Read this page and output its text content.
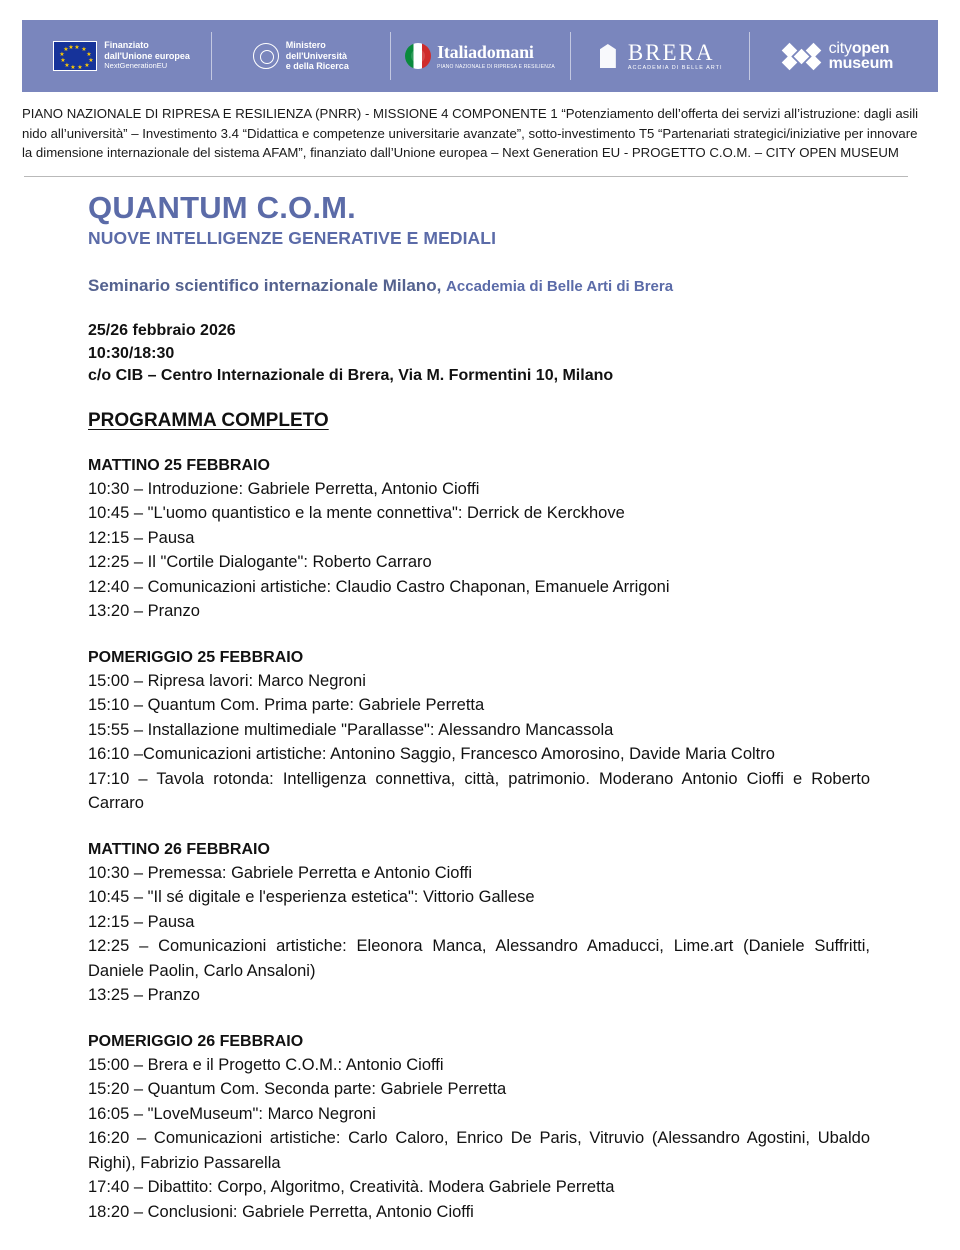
★ ★
★
★
★
★
★
★
★
★
★ ★	Finanziato
dall'Unione europea
NextGenerationEU
Ministero
dell'Università
e della Ricerca
Italiadomani
PIANO NAZIONALE DI RIPRESA E RESILIENZA
BRERA
ACCADEMIA DI BELLE ARTI
cityopen
museum
PIANO NAZIONALE DI RIPRESA E RESILIENZA (PNRR) - MISSIONE 4 COMPONENTE 1 “Potenziamento dell’offerta dei servizi all’istruzione: dagli asili nido all’università” – Investimento 3.4 “Didattica e competenze universitarie avanzate”, sotto-investimento T5 “Partenariati strategici/iniziative per innovare la dimensione internazionale del sistema AFAM”, finanziato dall’Unione europea – Next Generation EU - PROGETTO C.O.M. – CITY OPEN MUSEUM
QUANTUM C.O.M.
NUOVE INTELLIGENZE GENERATIVE E MEDIALI
Seminario scientifico internazionale Milano, Accademia di Belle Arti di Brera
25/26 febbraio 2026
10:30/18:30
c/o CIB – Centro Internazionale di Brera, Via M. Formentini 10, Milano
PROGRAMMA COMPLETO
MATTINO 25 FEBBRAIO
10:30 – Introduzione: Gabriele Perretta, Antonio Cioffi
10:45 – "L'uomo quantistico e la mente connettiva": Derrick de Kerckhove
12:15 – Pausa
12:25 – Il "Cortile Dialogante": Roberto Carraro
12:40 – Comunicazioni artistiche: Claudio Castro Chaponan, Emanuele Arrigoni
13:20 – Pranzo
POMERIGGIO 25 FEBBRAIO
15:00 – Ripresa lavori: Marco Negroni
15:10 – Quantum Com. Prima parte: Gabriele Perretta
15:55 – Installazione multimediale "Parallasse": Alessandro Mancassola
16:10 –Comunicazioni artistiche: Antonino Saggio, Francesco Amorosino, Davide Maria Coltro
17:10 – Tavola rotonda: Intelligenza connettiva, città, patrimonio. Moderano Antonio Cioffi e Roberto Carraro
MATTINO 26 FEBBRAIO
10:30 – Premessa: Gabriele Perretta e Antonio Cioffi
10:45 – "Il sé digitale e l'esperienza estetica": Vittorio Gallese
12:15 – Pausa
12:25 – Comunicazioni artistiche: Eleonora Manca, Alessandro Amaducci, Lime.art (Daniele Suffritti, Daniele Paolin, Carlo Ansaloni)
13:25 – Pranzo
POMERIGGIO 26 FEBBRAIO
15:00 – Brera e il Progetto C.O.M.: Antonio Cioffi
15:20 – Quantum Com. Seconda parte: Gabriele Perretta
16:05 – "LoveMuseum": Marco Negroni
16:20 – Comunicazioni artistiche: Carlo Caloro, Enrico De Paris, Vitruvio (Alessandro Agostini, Ubaldo Righi), Fabrizio Passarella
17:40 – Dibattito: Corpo, Algoritmo, Creatività. Modera Gabriele Perretta
18:20 – Conclusioni: Gabriele Perretta, Antonio Cioffi
